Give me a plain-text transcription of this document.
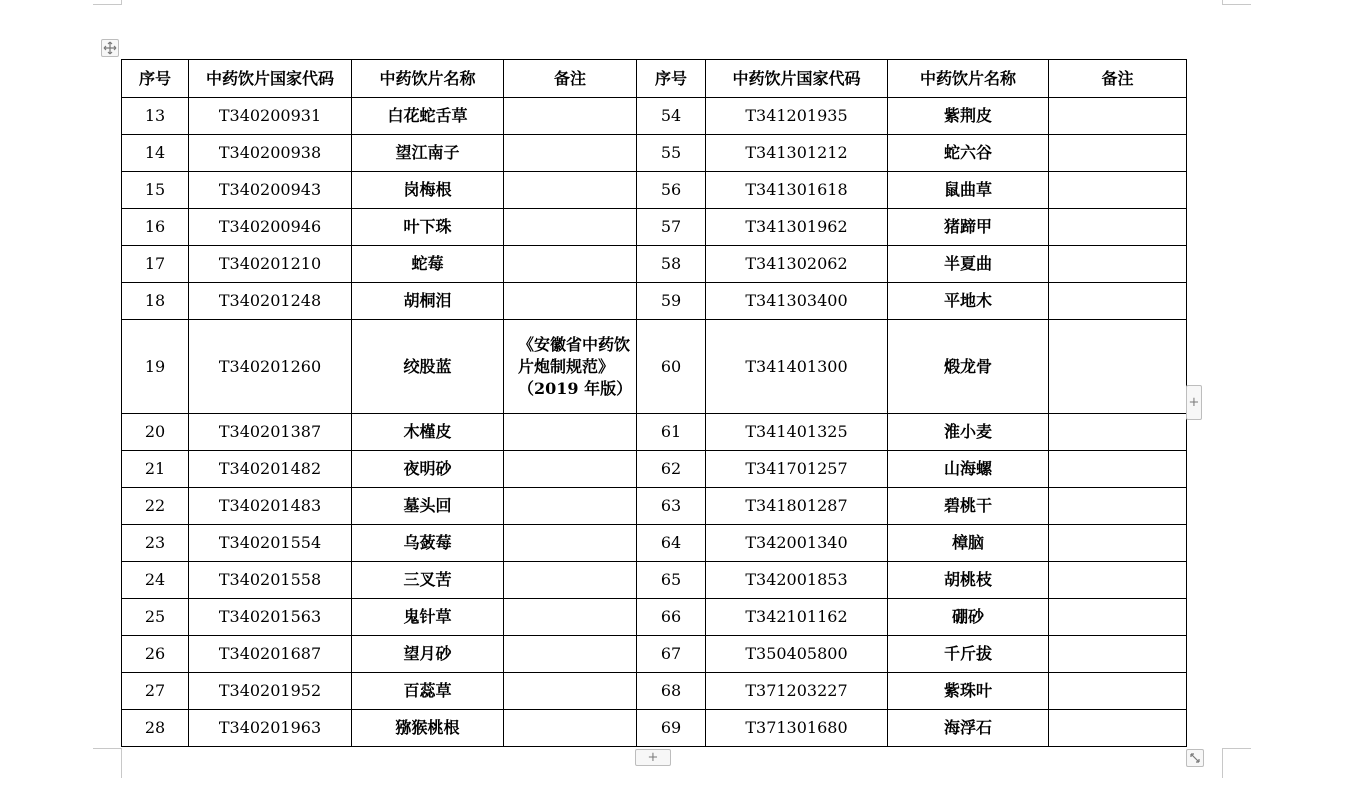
序号	中药饮片国家代码	中药饮片名称	备注	序号	中药饮片国家代码	中药饮片名称	备注
13	T340200931	白花蛇舌草		54	T341201935	紫荆皮	
14	T340200938	望江南子		55	T341301212	蛇六谷	
15	T340200943	岗梅根		56	T341301618	鼠曲草	
16	T340200946	叶下珠		57	T341301962	猪蹄甲	
17	T340201210	蛇莓		58	T341302062	半夏曲	
18	T340201248	胡桐泪		59	T341303400	平地木	
19	T340201260	绞股蓝	《安徽省中药饮片炮制规范》（2019 年版）	60	T341401300	煅龙骨	
20	T340201387	木槿皮		61	T341401325	淮小麦	
21	T340201482	夜明砂		62	T341701257	山海螺	
22	T340201483	墓头回		63	T341801287	碧桃干	
23	T340201554	乌蔹莓		64	T342001340	樟脑	
24	T340201558	三叉苦		65	T342001853	胡桃枝	
25	T340201563	鬼针草		66	T342101162	硼砂	
26	T340201687	望月砂		67	T350405800	千斤拔	
27	T340201952	百蕊草		68	T371203227	紫珠叶	
28	T340201963	猕猴桃根		69	T371301680	海浮石	
+
+
